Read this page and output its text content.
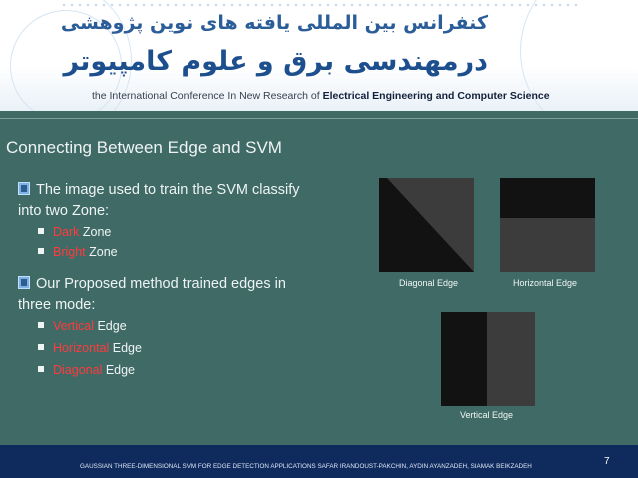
کنفرانس بین المللی یافته های نوین پژوهشی
درمهندسی برق و علوم کامپیوتر
the International Conference In New Research of Electrical Engineering and Computer Science
Connecting Between Edge and SVM
The image used to train the SVM classify
into two Zone:
Dark Zone
Bright Zone
Our Proposed method trained edges in
three mode:
Vertical Edge
Horizontal Edge
Diagonal Edge
Diagonal Edge	Horizontal Edge
Vertical Edge
GAUSSIAN THREE-DIMENSIONAL SVM FOR EDGE DETECTION APPLICATIONS SAFAR IRANDOUST-PAKCHIN, AYDIN AYANZADEH, SIAMAK BEIKZADEH	7
